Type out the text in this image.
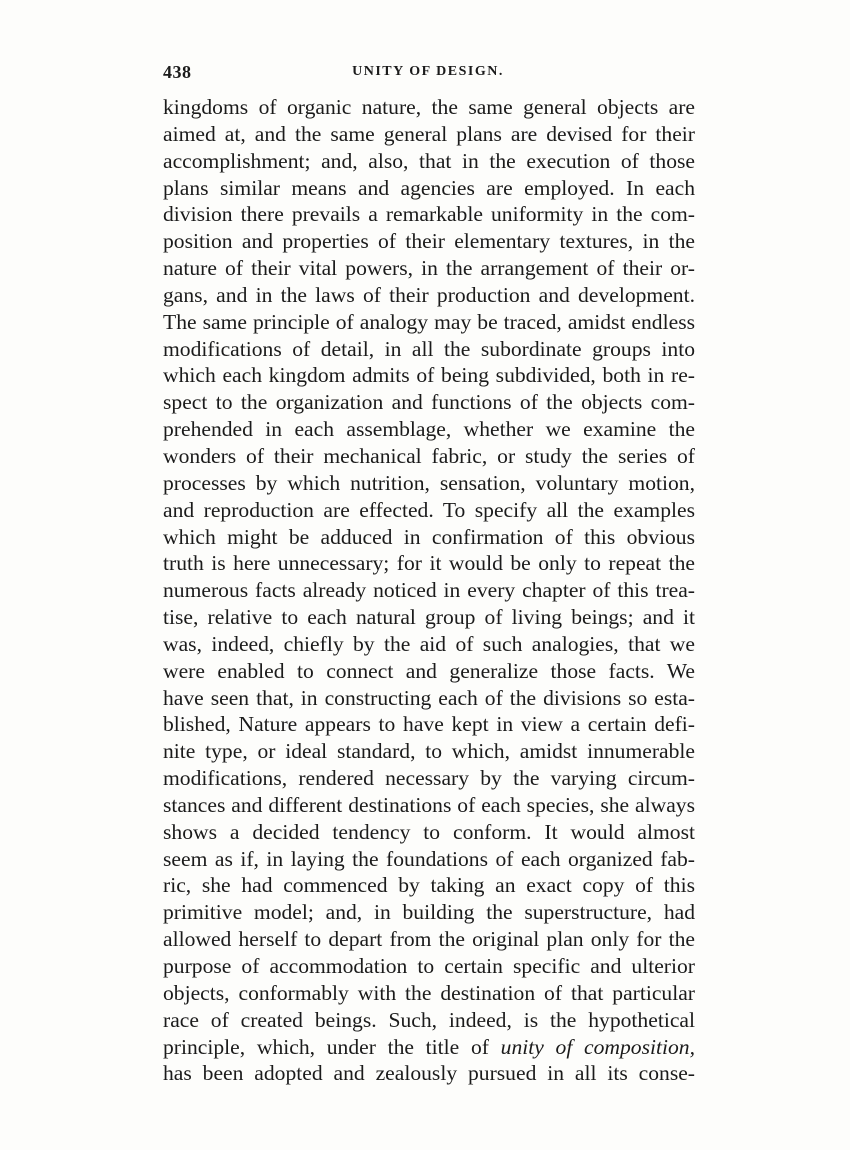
438	UNITY OF DESIGN.
kingdoms of organic nature, the same general objects are
aimed at, and the same general plans are devised for their
accomplishment; and, also, that in the execution of those
plans similar means and agencies are employed. In each
division there prevails a remarkable uniformity in the com-
position and properties of their elementary textures, in the
nature of their vital powers, in the arrangement of their or-
gans, and in the laws of their production and development.
The same principle of analogy may be traced, amidst endless
modifications of detail, in all the subordinate groups into
which each kingdom admits of being subdivided, both in re-
spect to the organization and functions of the objects com-
prehended in each assemblage, whether we examine the
wonders of their mechanical fabric, or study the series of
processes by which nutrition, sensation, voluntary motion,
and reproduction are effected. To specify all the examples
which might be adduced in confirmation of this obvious
truth is here unnecessary; for it would be only to repeat the
numerous facts already noticed in every chapter of this trea-
tise, relative to each natural group of living beings; and it
was, indeed, chiefly by the aid of such analogies, that we
were enabled to connect and generalize those facts. We
have seen that, in constructing each of the divisions so esta-
blished, Nature appears to have kept in view a certain defi-
nite type, or ideal standard, to which, amidst innumerable
modifications, rendered necessary by the varying circum-
stances and different destinations of each species, she always
shows a decided tendency to conform. It would almost
seem as if, in laying the foundations of each organized fab-
ric, she had commenced by taking an exact copy of this
primitive model; and, in building the superstructure, had
allowed herself to depart from the original plan only for the
purpose of accommodation to certain specific and ulterior
objects, conformably with the destination of that particular
race of created beings. Such, indeed, is the hypothetical
principle, which, under the title of unity of composition,
has been adopted and zealously pursued in all its conse-
